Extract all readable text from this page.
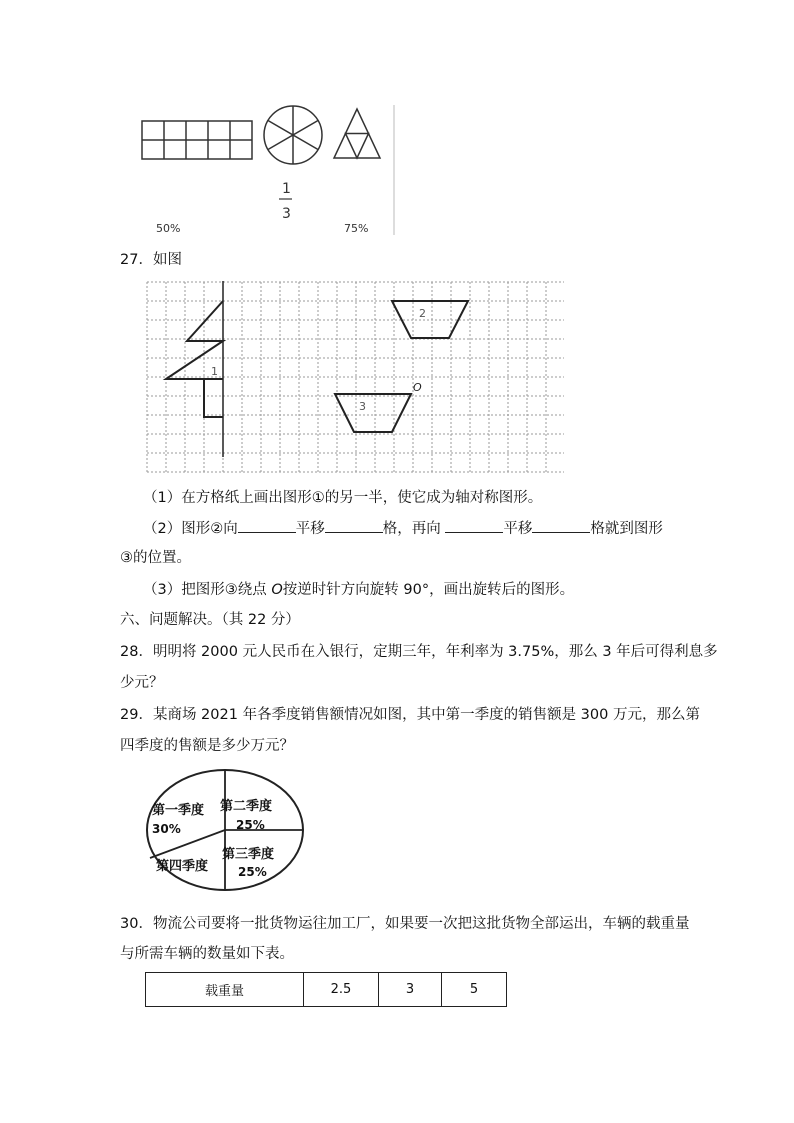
50%
1
3
75%
27．如图
1
2
3
O
（1）在方格纸上画出图形①的另一半，使它成为轴对称图形。
（2）图形②向	平移	格，再向	平移	格就到图形
③的位置。
（3）把图形③绕点 O按逆时针方向旋转 90°，画出旋转后的图形。
六、问题解决。（其 22 分）
28．明明将 2000 元人民币在入银行，定期三年，年利率为 3.75%，那么 3 年后可得利息多
少元？
29．某商场 2021 年各季度销售额情况如图，其中第一季度的销售额是 300 万元，那么第
四季度的售额是多少万元？
第一季度
30%
第二季度
25%
第三季度
25%
第四季度
30．物流公司要将一批货物运往加工厂，如果要一次把这批货物全部运出，车辆的载重量
与所需车辆的数量如下表。
载重量	2.5	3	5
